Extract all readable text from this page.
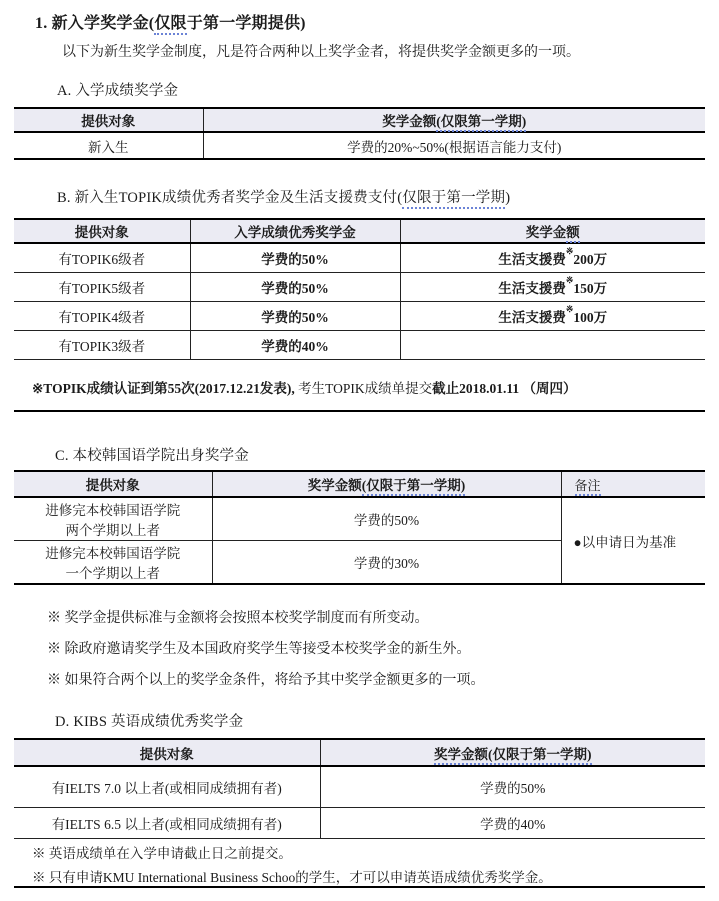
1. 新入学奖学金(仅限于第一学期提供)
以下为新生奖学金制度，凡是符合两种以上奖学金者，将提供奖学金额更多的一项。
A. 入学成绩奖学金
提供对象	奖学金额(仅限第一学期)
新入生	学费的20%~50%(根据语言能力支付)
B. 新入生TOPIK成绩优秀者奖学金及生活支援费支付(仅限于第一学期)
提供对象	入学成绩优秀奖学金	奖学金额
有TOPIK6级者	学费的50%	生活支援费※200万
有TOPIK5级者	学费的50%	生活支援费※150万
有TOPIK4级者	学费的50%	生活支援费※100万
有TOPIK3级者	学费的40%	
※TOPIK成绩认证到第55次(2017.12.21发表), 考生TOPIK成绩单提交截止2018.01.11 （周四）
C. 本校韩国语学院出身奖学金
提供对象	奖学金额(仅限于第一学期)	备注

进修完本校韩国语学院
两个学期以上者	学费的50%	●以申请日为基准

进修完本校韩国语学院
一个学期以上者	学费的30%	
※ 奖学金提供标准与金额将会按照本校奖学制度而有所变动。
※ 除政府邀请奖学生及本国政府奖学生等接受本校奖学金的新生外。
※ 如果符合两个以上的奖学金条件，将给予其中奖学金额更多的一项。
D. KIBS 英语成绩优秀奖学金
提供对象	奖学金额(仅限于第一学期)
有IELTS 7.0 以上者(或相同成绩拥有者)	学费的50%
有IELTS 6.5 以上者(或相同成绩拥有者)	学费的40%
※ 英语成绩单在入学申请截止日之前提交。
※ 只有申请KMU International Business Schoo的学生，才可以申请英语成绩优秀奖学金。
